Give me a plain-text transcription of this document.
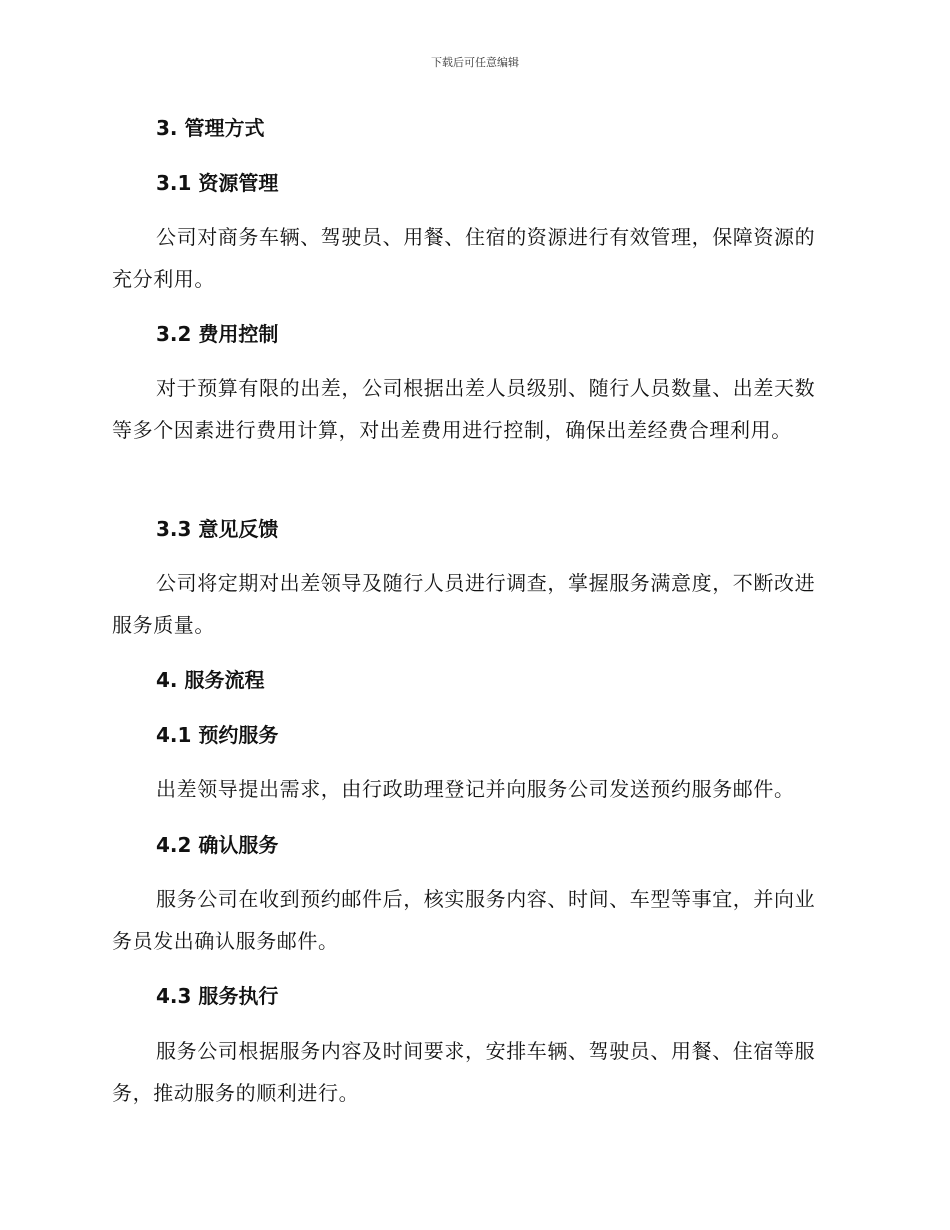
下载后可任意编辑
3. 管理方式
3.1 资源管理
公司对商务车辆、驾驶员、用餐、住宿的资源进行有效管理，保障资源的充分利用。
3.2 费用控制
对于预算有限的出差，公司根据出差人员级别、随行人员数量、出差天数等多个因素进行费用计算，对出差费用进行控制，确保出差经费合理利用。
3.3 意见反馈
公司将定期对出差领导及随行人员进行调查，掌握服务满意度，不断改进服务质量。
4. 服务流程
4.1 预约服务
出差领导提出需求，由行政助理登记并向服务公司发送预约服务邮件。
4.2 确认服务
服务公司在收到预约邮件后，核实服务内容、时间、车型等事宜，并向业务员发出确认服务邮件。
4.3 服务执行
服务公司根据服务内容及时间要求，安排车辆、驾驶员、用餐、住宿等服务，推动服务的顺利进行。
